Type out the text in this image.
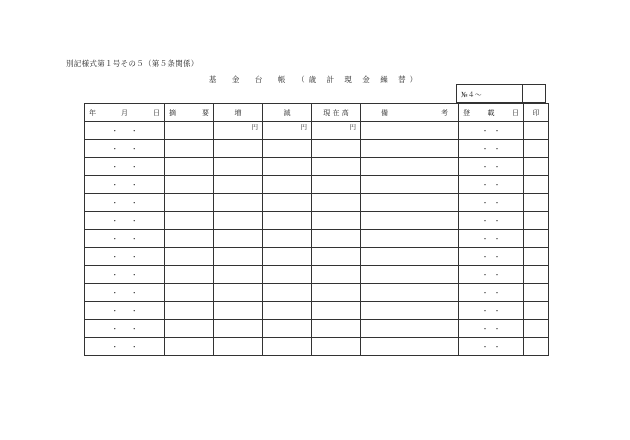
別記様式第１号その５（第５条関係）
基　金　台　帳　（歳 計 現 金 繰 替）
№４～
年 月 日	摘 要	増	減	現 在 高	備 考	登 載 日	印

・ ・		円	円	円		・ ・	

・ ・						・ ・	

・ ・						・ ・	

・ ・						・ ・	

・ ・						・ ・	

・ ・						・ ・	

・ ・						・ ・	

・ ・						・ ・	

・ ・						・ ・	

・ ・						・ ・	

・ ・						・ ・	

・ ・						・ ・	

・ ・						・ ・	
